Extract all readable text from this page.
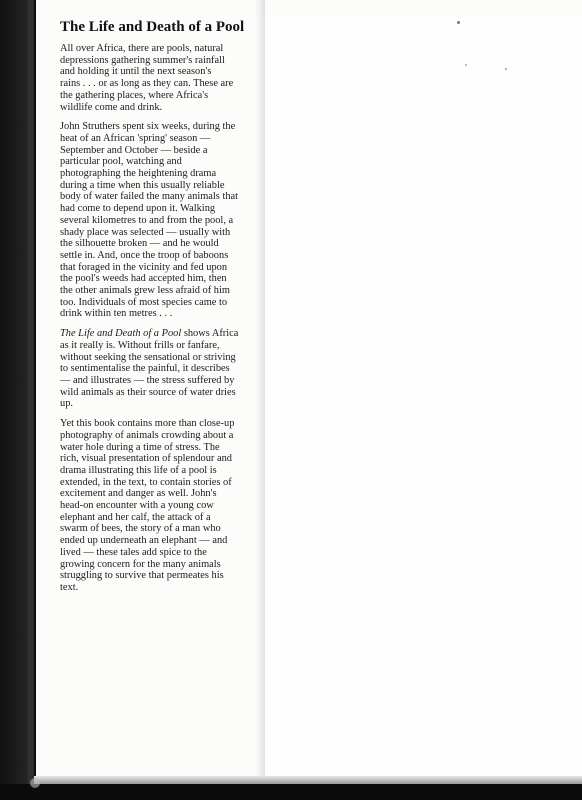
The Life and Death of a Pool

All over Africa, there are pools, natural
depressions gathering summer's rainfall
and holding it until the next season's
rains . . . or as long as they can. These are
the gathering places, where Africa's
wildlife come and drink.

John Struthers spent six weeks, during the
heat of an African 'spring' season —
September and October — beside a
particular pool, watching and
photographing the heightening drama
during a time when this usually reliable
body of water failed the many animals that
had come to depend upon it. Walking
several kilometres to and from the pool, a
shady place was selected — usually with
the silhouette broken — and he would
settle in. And, once the troop of baboons
that foraged in the vicinity and fed upon
the pool's weeds had accepted him, then
the other animals grew less afraid of him
too. Individuals of most species came to
drink within ten metres . . .

The Life and Death of a Pool shows Africa
as it really is. Without frills or fanfare,
without seeking the sensational or striving
to sentimentalise the painful, it describes
— and illustrates — the stress suffered by
wild animals as their source of water dries
up.

Yet this book contains more than close-up
photography of animals crowding about a
water hole during a time of stress. The
rich, visual presentation of splendour and
drama illustrating this life of a pool is
extended, in the text, to contain stories of
excitement and danger as well. John's
head-on encounter with a young cow
elephant and her calf, the attack of a
swarm of bees, the story of a man who
ended up underneath an elephant — and
lived — these tales add spice to the
growing concern for the many animals
struggling to survive that permeates his
text.
